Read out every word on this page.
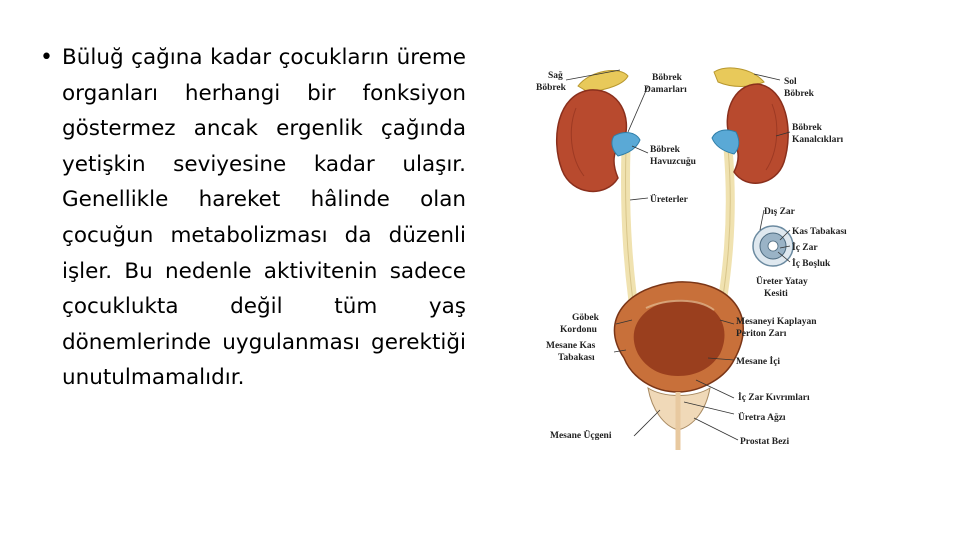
• Büluğ çağına kadar çocukların üreme organları herhangi bir fonksiyon göstermez ancak ergenlik çağında yetişkin seviyesine kadar ulaşır. Genellikle hareket hâlinde olan çocuğun metabolizması da düzenli işler. Bu nedenle aktivitenin sadece çocuklukta değil tüm yaş dönemlerinde uygulanması gerektiği unutulmamalıdır.

Sağ
Böbrek
Böbrek
Damarları
Sol
Böbrek
Böbrek
Kanalcıkları
Böbrek
Havuzcuğu
Üreterler
Dış Zar
Kas Tabakası
İç Zar
İç Boşluk
Üreter Yatay
Kesiti
Göbek
Kordonu
Mesane Kas
Tabakası
Mesaneyi Kaplayan
Periton Zarı
Mesane İçi
İç Zar Kıvrımları
Üretra Ağzı
Mesane Üçgeni
Prostat Bezi
